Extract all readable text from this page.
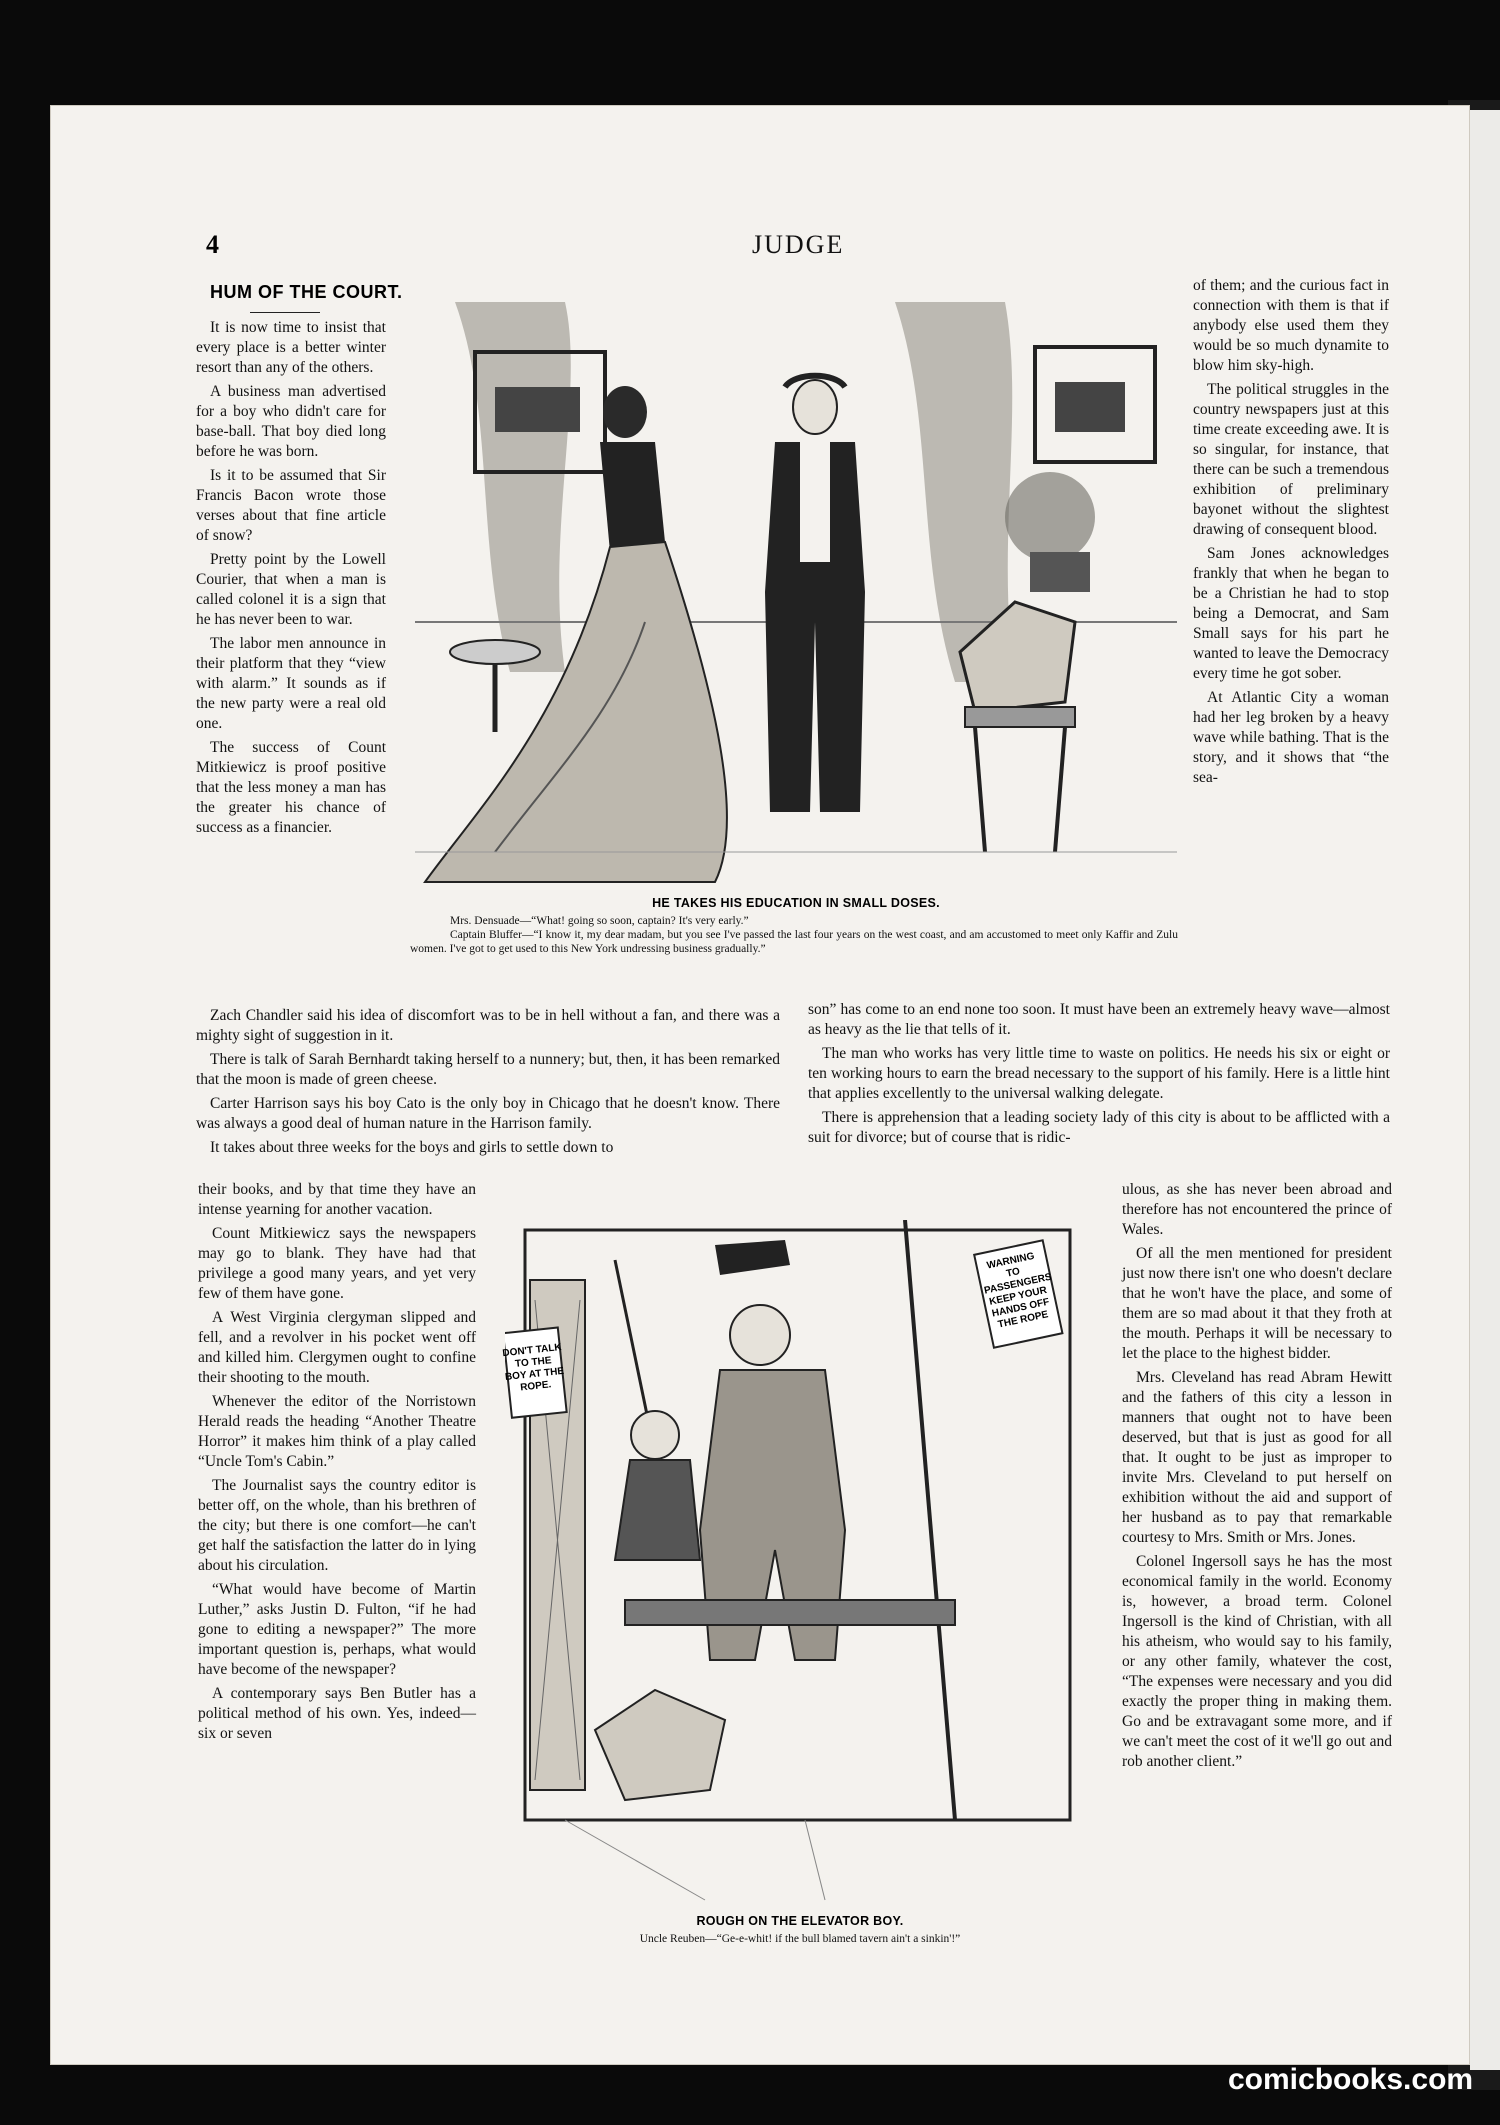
4	JUDGE
HUM OF THE COURT.

It is now time to insist that every place is a better winter resort than any of the others.

A business man advertised for a boy who didn't care for base-ball. That boy died long before he was born.

Is it to be assumed that Sir Francis Bacon wrote those verses about that fine article of snow?

Pretty point by the Lowell Courier, that when a man is called colonel it is a sign that he has never been to war.

The labor men announce in their platform that they “view with alarm.” It sounds as if the new party were a real old one.

The success of Count Mitkiewicz is proof positive that the less money a man has the greater his chance of success as a financier.

HE TAKES HIS EDUCATION IN SMALL DOSES.
Mrs. Densuade—“What! going so soon, captain? It's very early.”
Captain Bluffer—“I know it, my dear madam, but you see I've passed the last four years on the west coast, and am accustomed to meet only Kaffir and Zulu women. I've got to get used to this New York undressing business gradually.”

of them; and the curious fact in connection with them is that if anybody else used them they would be so much dynamite to blow him sky-high.

The political struggles in the country newspapers just at this time create exceeding awe. It is so singular, for instance, that there can be such a tremendous exhibition of preliminary bayonet without the slightest drawing of consequent blood.

Sam Jones acknowledges frankly that when he began to be a Christian he had to stop being a Democrat, and Sam Small says for his part he wanted to leave the Democracy every time he got sober.

At Atlantic City a woman had her leg broken by a heavy wave while bathing. That is the story, and it shows that “the sea-

Zach Chandler said his idea of discomfort was to be in hell without a fan, and there was a mighty sight of suggestion in it.

There is talk of Sarah Bernhardt taking herself to a nunnery; but, then, it has been remarked that the moon is made of green cheese.

Carter Harrison says his boy Cato is the only boy in Chicago that he doesn't know. There was always a good deal of human nature in the Harrison family.

It takes about three weeks for the boys and girls to settle down to

son” has come to an end none too soon. It must have been an extremely heavy wave—almost as heavy as the lie that tells of it.

The man who works has very little time to waste on politics. He needs his six or eight or ten working hours to earn the bread necessary to the support of his family. Here is a little hint that applies excellently to the universal walking delegate.

There is apprehension that a leading society lady of this city is about to be afflicted with a suit for divorce; but of course that is ridic-

their books, and by that time they have an intense yearning for another vacation.

Count Mitkiewicz says the newspapers may go to blank. They have had that privilege a good many years, and yet very few of them have gone.

A West Virginia clergyman slipped and fell, and a revolver in his pocket went off and killed him. Clergymen ought to confine their shooting to the mouth.

Whenever the editor of the Norristown Herald reads the heading “Another Theatre Horror” it makes him think of a play called “Uncle Tom's Cabin.”

The Journalist says the country editor is better off, on the whole, than his brethren of the city; but there is one comfort—he can't get half the satisfaction the latter do in lying about his circulation.

“What would have become of Martin Luther,” asks Justin D. Fulton, “if he had gone to editing a newspaper?” The more important question is, perhaps, what would have become of the newspaper?

A contemporary says Ben Butler has a political method of his own. Yes, indeed—six or seven

DON'T TALK TO THE BOY AT THE ROPE.
WARNING TO PASSENGERS KEEP YOUR HANDS OFF THE ROPE
ROUGH ON THE ELEVATOR BOY.
Uncle Reuben—“Ge-e-whit! if the bull blamed tavern ain't a sinkin'!”

ulous, as she has never been abroad and therefore has not encountered the prince of Wales.

Of all the men mentioned for president just now there isn't one who doesn't declare that he won't have the place, and some of them are so mad about it that they froth at the mouth. Perhaps it will be necessary to let the place to the highest bidder.

Mrs. Cleveland has read Abram Hewitt and the fathers of this city a lesson in manners that ought not to have been deserved, but that is just as good for all that. It ought to be just as improper to invite Mrs. Cleveland to put herself on exhibition without the aid and support of her husband as to pay that remarkable courtesy to Mrs. Smith or Mrs. Jones.

Colonel Ingersoll says he has the most economical family in the world. Economy is, however, a broad term. Colonel Ingersoll is the kind of Christian, with all his atheism, who would say to his family, or any other family, whatever the cost, “The expenses were necessary and you did exactly the proper thing in making them. Go and be extravagant some more, and if we can't meet the cost of it we'll go out and rob another client.”

comicbooks.com
